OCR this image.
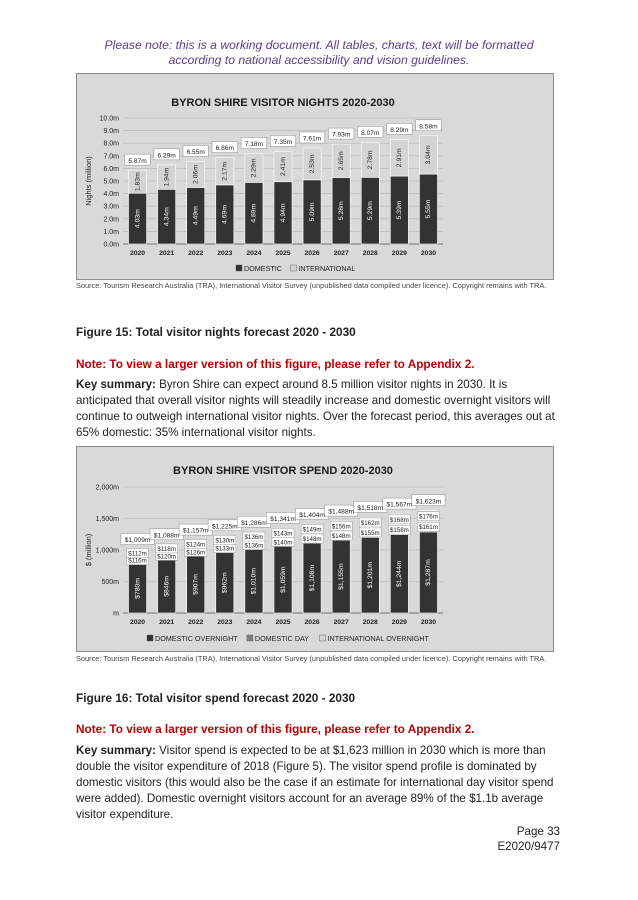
Please note: this is a working document. All tables, charts, text will be formatted
according to national accessibility and vision guidelines.
BYRON SHIRE VISITOR NIGHTS 2020-2030
0.0m
1.0m
2.0m
3.0m
4.0m
5.0m
6.0m
7.0m
8.0m
9.0m
10.0m
Nights (million)
4.03m
1.83m
5.87m
2020
4.34m
1.94m
6.29m
2021
4.49m
2.06m
6.55m
2022
4.69m
2.17m
6.86m
2023
4.89m
2.29m
7.18m
2024
4.94m
2.41m
7.35m
2025
5.09m
2.53m
7.61m
2026
5.28m
2.65m
7.93m
2027
5.29m
2.78m
8.07m
2028
5.39m
2.91m
8.29m
2029
5.55m
3.04m
8.58m
2030
DOMESTIC INTERNATIONAL
Source: Tourism Research Australia (TRA), International Visitor Survey (unpublished data compiled under licence). Copyright remains with TRA.
Figure 15: Total visitor nights forecast 2020 - 2030
Note: To view a larger version of this figure, please refer to Appendix 2.
Key summary: Byron Shire can expect around 8.5 million visitor nights in 2030. It is anticipated that overall visitor nights will steadily increase and domestic overnight visitors will continue to outweigh international visitor nights. Over the forecast period, this averages out at 65% domestic: 35% international visitor nights.
BYRON SHIRE VISITOR SPEND 2020-2030
m
500m
1,000m
1,500m
2,000m
$ (million)
$780m
$116m
$112m
$1,009m
2020
$846m
$120m
$118m
$1,088m
2021
$907m
$126m
$124m
$1,157m
2022
$962m
$133m
$130m
$1,225m
2023
$1,010m
$136m
$136m
$1,286m
2024
$1,059m
$140m
$143m
$1,341m
2025
$1,108m
$148m
$149m
$1,404m
2026
$1,155m
$148m
$156m
$1,488m
2027
$1,201m
$155m
$162m
$1,518m
2028
$1,244m
$158m
$168m
$1,567m
2029
$1,287m
$161m
$176m
$1,623m
2030
DOMESTIC OVERNIGHT DOMESTIC DAY	INTERNATIONAL OVERNIGHT
Source: Tourism Research Australia (TRA), International Visitor Survey (unpublished data compiled under licence). Copyright remains with TRA.
Figure 16: Total visitor spend forecast 2020 - 2030
Note: To view a larger version of this figure, please refer to Appendix 2.
Key summary: Visitor spend is expected to be at $1,623 million in 2030 which is more than double the visitor expenditure of 2018 (Figure 5). The visitor spend profile is dominated by domestic visitors (this would also be the case if an estimate for international day visitor spend were added). Domestic overnight visitors account for an average 89% of the $1.1b average visitor expenditure.
Page 33
E2020/9477
